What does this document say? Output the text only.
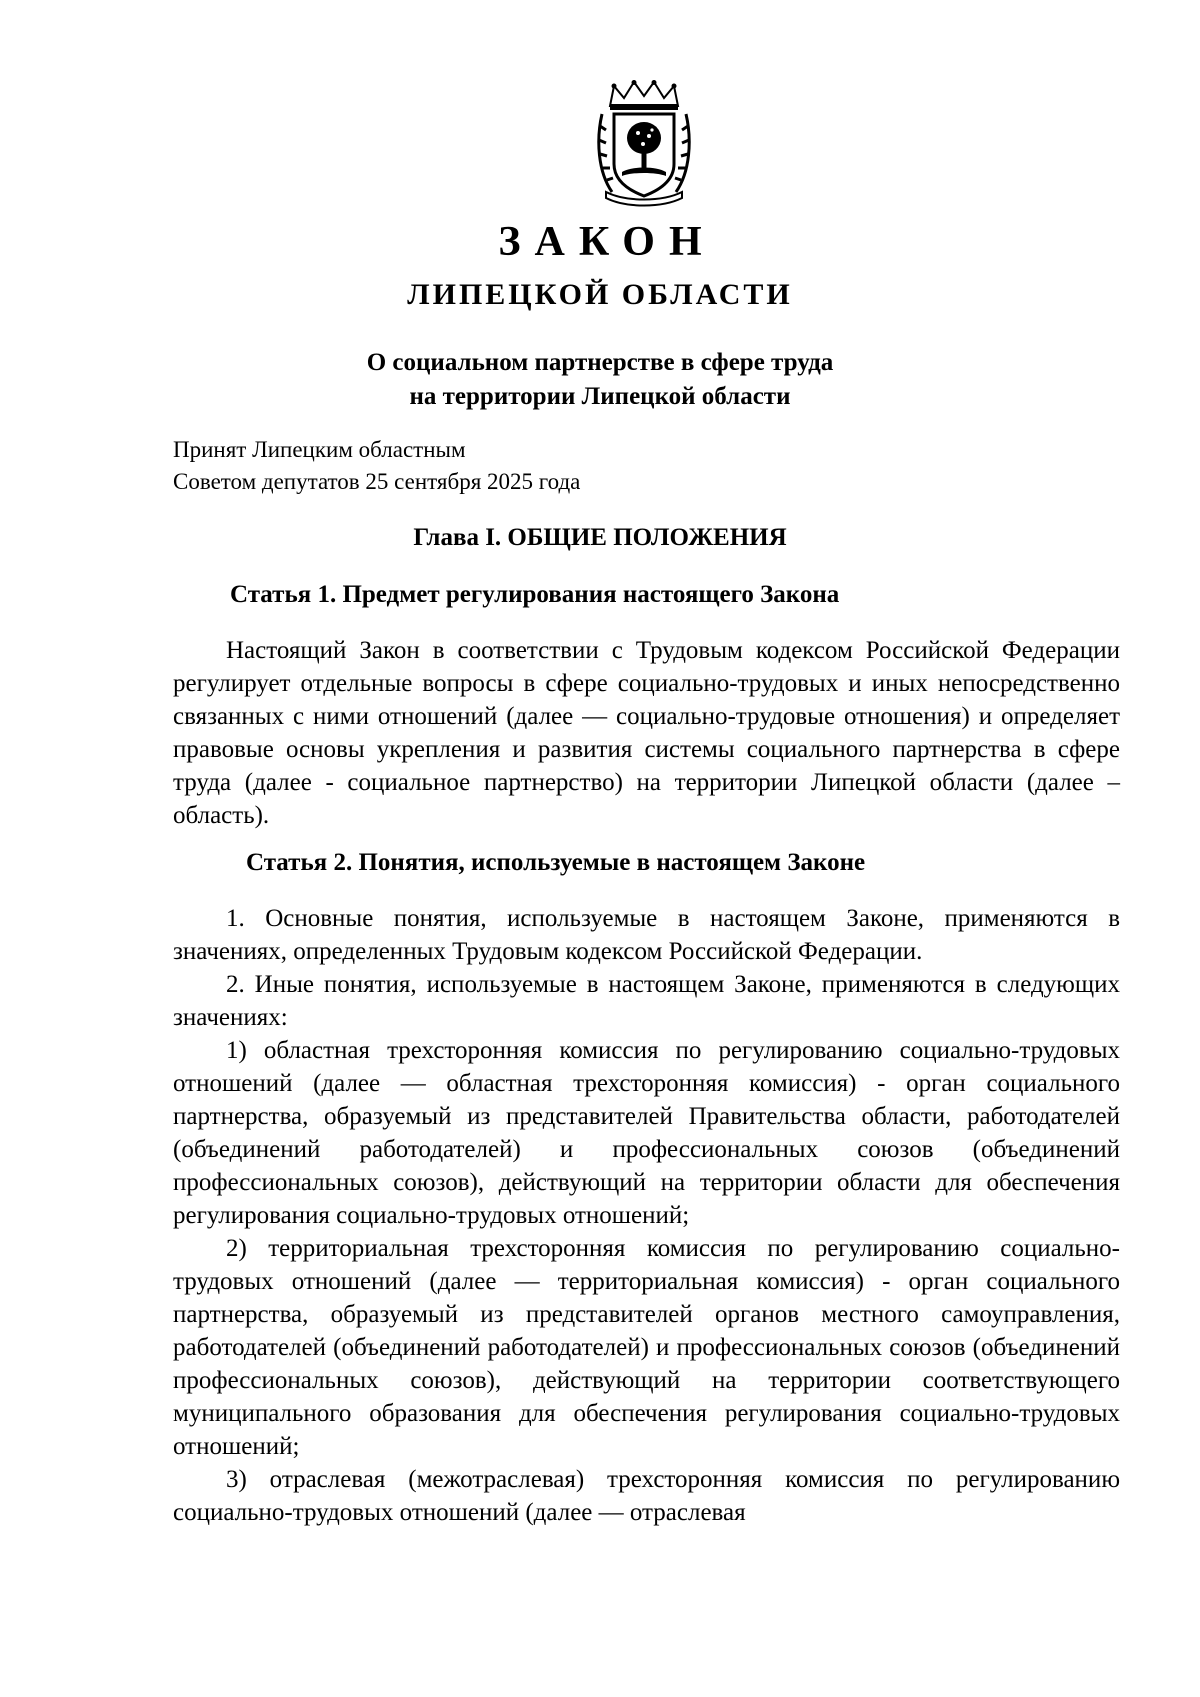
ЗАКОН
ЛИПЕЦКОЙ ОБЛАСТИ
О социальном партнерстве в сфере труда
на территории Липецкой области
Принят Липецким областным
Советом депутатов 25 сентября 2025 года
Глава I. ОБЩИЕ ПОЛОЖЕНИЯ
Статья 1. Предмет регулирования настоящего Закона

Настоящий Закон в соответствии с Трудовым кодексом Российской Федерации регулирует отдельные вопросы в сфере социально-трудовых и иных непосредственно связанных с ними отношений (далее — социально-трудовые отношения) и определяет правовые основы укрепления и развития системы социального партнерства в сфере труда (далее - социальное партнерство) на территории Липецкой области (далее – область).

Статья 2. Понятия, используемые в настоящем Законе

1. Основные понятия, используемые в настоящем Законе, применяются в значениях, определенных Трудовым кодексом Российской Федерации.

2. Иные понятия, используемые в настоящем Законе, применяются в следующих значениях:

1) областная трехсторонняя комиссия по регулированию социально-трудовых отношений (далее — областная трехсторонняя комиссия) - орган социального партнерства, образуемый из представителей Правительства области, работодателей (объединений работодателей) и профессиональных союзов (объединений профессиональных союзов), действующий на территории области для обеспечения регулирования социально-трудовых отношений;

2) территориальная трехсторонняя комиссия по регулированию социально-трудовых отношений (далее — территориальная комиссия) - орган социального партнерства, образуемый из представителей органов местного самоуправления, работодателей (объединений работодателей) и профессиональных союзов (объединений профессиональных союзов), действующий на территории соответствующего муниципального образования для обеспечения регулирования социально-трудовых отношений;

3) отраслевая (межотраслевая) трехсторонняя комиссия по регулированию социально-трудовых отношений (далее — отраслевая
